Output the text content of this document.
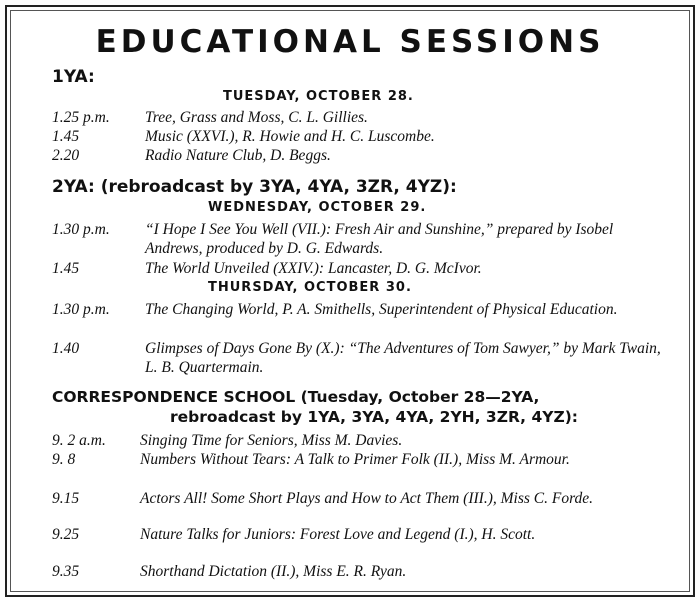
EDUCATIONAL SESSIONS
1YA:
TUESDAY, OCTOBER 28.
1.25 p.m.	Tree, Grass and Moss, C. L. Gillies.
1.45	Music (XXVI.), R. Howie and H. C. Luscombe.
2.20	Radio Nature Club, D. Beggs.
2YA: (rebroadcast by 3YA, 4YA, 3ZR, 4YZ):
WEDNESDAY, OCTOBER 29.
1.30 p.m.	“I Hope I See You Well (VII.): Fresh Air and Sunshine,” prepared by Isobel Andrews, produced by D. G. Edwards.
1.45	The World Unveiled (XXIV.): Lancaster, D. G. McIvor.
THURSDAY, OCTOBER 30.
1.30 p.m.	The Changing World, P. A. Smithells, Superintendent of Physical Education.
1.40	Glimpses of Days Gone By (X.): “The Adventures of Tom Sawyer,” by Mark Twain, L. B. Quartermain.
CORRESPONDENCE SCHOOL (Tuesday, October 28—2YA,
rebroadcast by 1YA, 3YA, 4YA, 2YH, 3ZR, 4YZ):
9. 2 a.m.	Singing Time for Seniors, Miss M. Davies.
9. 8	Numbers Without Tears: A Talk to Primer Folk (II.), Miss M. Armour.
9.15	Actors All! Some Short Plays and How to Act Them (III.), Miss C. Forde.
9.25	Nature Talks for Juniors: Forest Love and Legend (I.), H. Scott.
9.35	Shorthand Dictation (II.), Miss E. R. Ryan.
